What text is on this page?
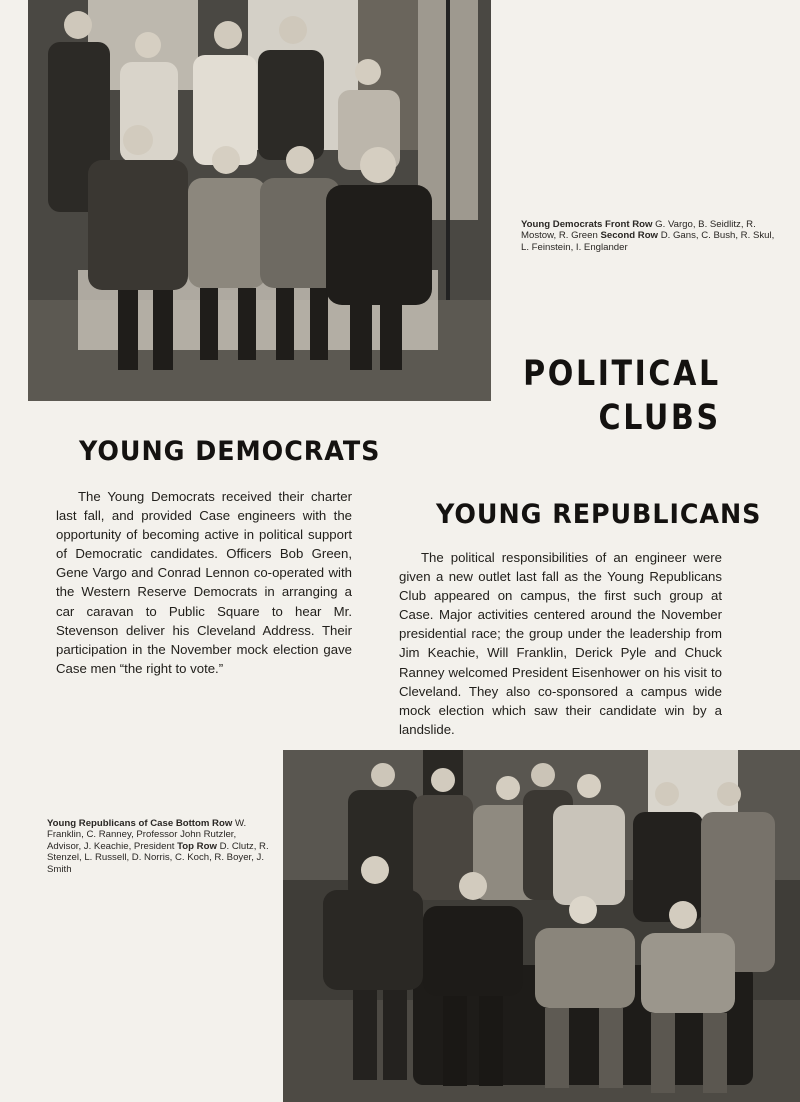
Young Democrats Front Row G. Vargo, B. Seidlitz, R. Mostow, R. Green Second Row D. Gans, C. Bush, R. Skul, L. Feinstein, I. Englander
POLITICAL
CLUBS
YOUNG DEMOCRATS

The Young Democrats received their charter last fall, and provided Case engineers with the opportunity of becoming active in political support of Democratic candidates. Officers Bob Green, Gene Vargo and Conrad Lennon co-operated with the Western Reserve Democrats in arranging a car caravan to Public Square to hear Mr. Stevenson deliver his Cleveland Address. Their participation in the November mock election gave Case men “the right to vote.”

YOUNG REPUBLICANS

The political responsibilities of an engineer were given a new outlet last fall as the Young Republicans Club appeared on campus, the first such group at Case. Major activities centered around the November presidential race; the group under the leadership from Jim Keachie, Will Franklin, Derick Pyle and Chuck Ranney welcomed President Eisenhower on his visit to Cleveland. They also co-sponsored a campus wide mock election which saw their candidate win by a landslide.

Young Republicans of Case Bottom Row W. Franklin, C. Ranney, Professor John Rutzler, Advisor, J. Keachie, President Top Row D. Clutz, R. Stenzel, L. Russell, D. Norris, C. Koch, R. Boyer, J. Smith
